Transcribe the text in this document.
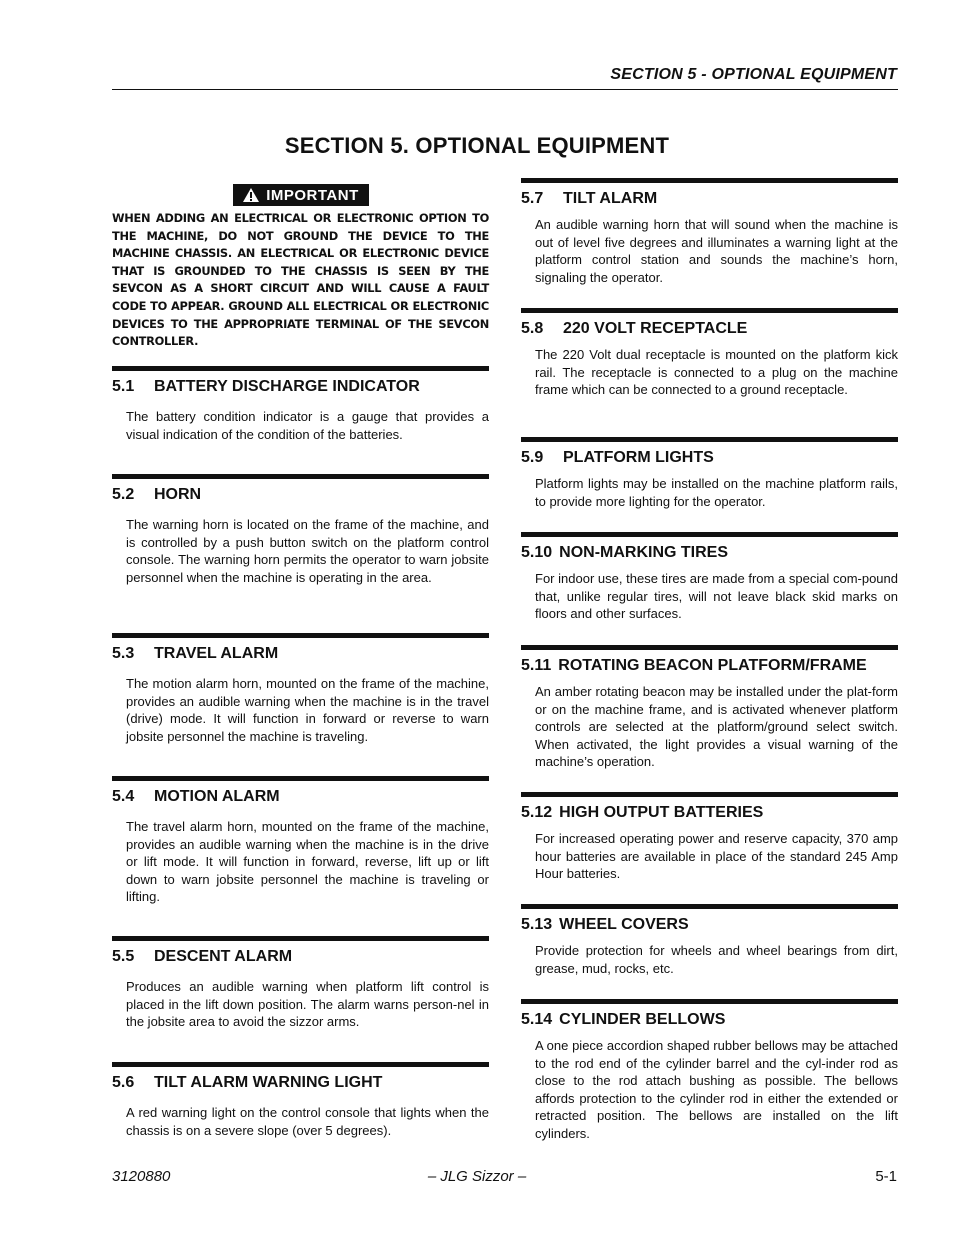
SECTION 5 - OPTIONAL EQUIPMENT
SECTION 5. OPTIONAL EQUIPMENT
IMPORTANT
WHEN ADDING AN ELECTRICAL OR ELECTRONIC OPTION TO THE MACHINE, DO NOT GROUND THE DEVICE TO THE MACHINE CHASSIS. AN ELECTRICAL OR ELECTRONIC DEVICE THAT IS GROUNDED TO THE CHASSIS IS SEEN BY THE SEVCON AS A SHORT CIRCUIT AND WILL CAUSE A FAULT CODE TO APPEAR. GROUND ALL ELECTRICAL OR ELECTRONIC DEVICES TO THE APPROPRIATE TERMINAL OF THE SEVCON CONTROLLER.
5.1 BATTERY DISCHARGE INDICATOR
The battery condition indicator is a gauge that provides a visual indication of the condition of the batteries.
5.2 HORN
The warning horn is located on the frame of the machine, and is controlled by a push button switch on the platform control console. The warning horn permits the operator to warn jobsite personnel when the machine is operating in the area.
5.3 TRAVEL ALARM
The motion alarm horn, mounted on the frame of the machine, provides an audible warning when the machine is in the travel (drive) mode. It will function in forward or reverse to warn jobsite personnel the machine is traveling.
5.4 MOTION ALARM
The travel alarm horn, mounted on the frame of the machine, provides an audible warning when the machine is in the drive or lift mode. It will function in forward, reverse, lift up or lift down to warn jobsite personnel the machine is traveling or lifting.
5.5 DESCENT ALARM
Produces an audible warning when platform lift control is placed in the lift down position. The alarm warns person-nel in the jobsite area to avoid the sizzor arms.
5.6 TILT ALARM WARNING LIGHT
A red warning light on the control console that lights when the chassis is on a severe slope (over 5 degrees).
5.7 TILT ALARM
An audible warning horn that will sound when the machine is out of level five degrees and illuminates a warning light at the platform control station and sounds the machine’s horn, signaling the operator.
5.8 220 VOLT RECEPTACLE
The 220 Volt dual receptacle is mounted on the platform kick rail. The receptacle is connected to a plug on the machine frame which can be connected to a ground receptacle.
5.9 PLATFORM LIGHTS
Platform lights may be installed on the machine platform rails, to provide more lighting for the operator.
5.10 NON-MARKING TIRES
For indoor use, these tires are made from a special com-pound that, unlike regular tires, will not leave black skid marks on floors and other surfaces.
5.11 ROTATING BEACON PLATFORM/FRAME
An amber rotating beacon may be installed under the plat-form or on the machine frame, and is activated whenever platform controls are selected at the platform/ground select switch. When activated, the light provides a visual warning of the machine’s operation.
5.12 HIGH OUTPUT BATTERIES
For increased operating power and reserve capacity, 370 amp hour batteries are available in place of the standard 245 Amp Hour batteries.
5.13 WHEEL COVERS
Provide protection for wheels and wheel bearings from dirt, grease, mud, rocks, etc.
5.14 CYLINDER BELLOWS
A one piece accordion shaped rubber bellows may be attached to the rod end of the cylinder barrel and the cyl-inder rod as close to the rod attach bushing as possible. The bellows affords protection to the cylinder rod in either the extended or retracted position. The bellows are installed on the lift cylinders.
3120880	– JLG Sizzor –	5-1
